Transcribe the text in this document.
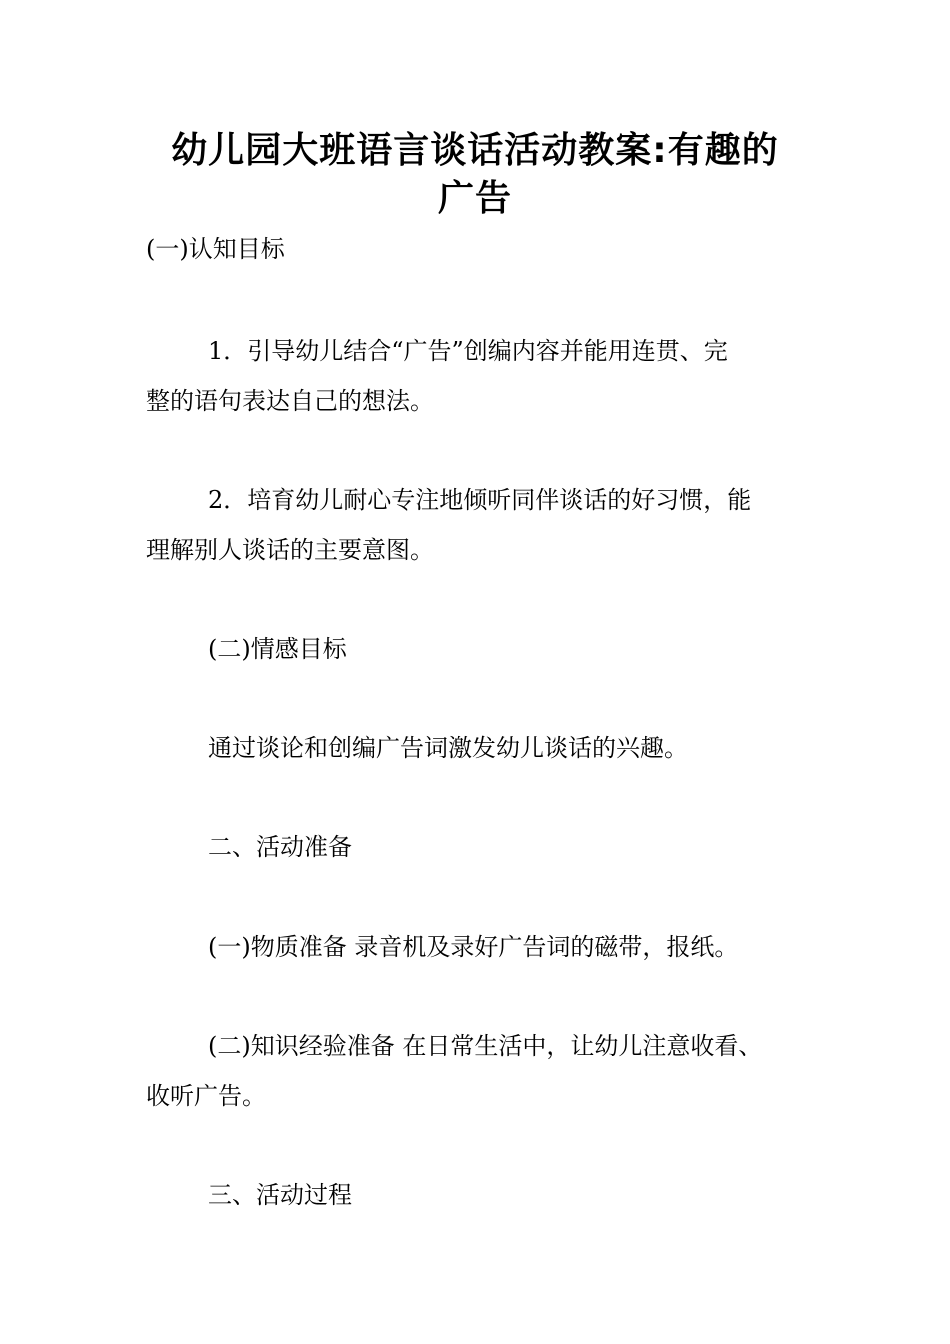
幼儿园大班语言谈话活动教案:有趣的
广告

(一)认知目标

1．引导幼儿结合“广告”创编内容并能用连贯、完

整的语句表达自己的想法。

2．培育幼儿耐心专注地倾听同伴谈话的好习惯，能

理解别人谈话的主要意图。

(二)情感目标

通过谈论和创编广告词激发幼儿谈话的兴趣。

二、活动准备

(一)物质准备 录音机及录好广告词的磁带，报纸。

(二)知识经验准备 在日常生活中，让幼儿注意收看、

收听广告。

三、活动过程
